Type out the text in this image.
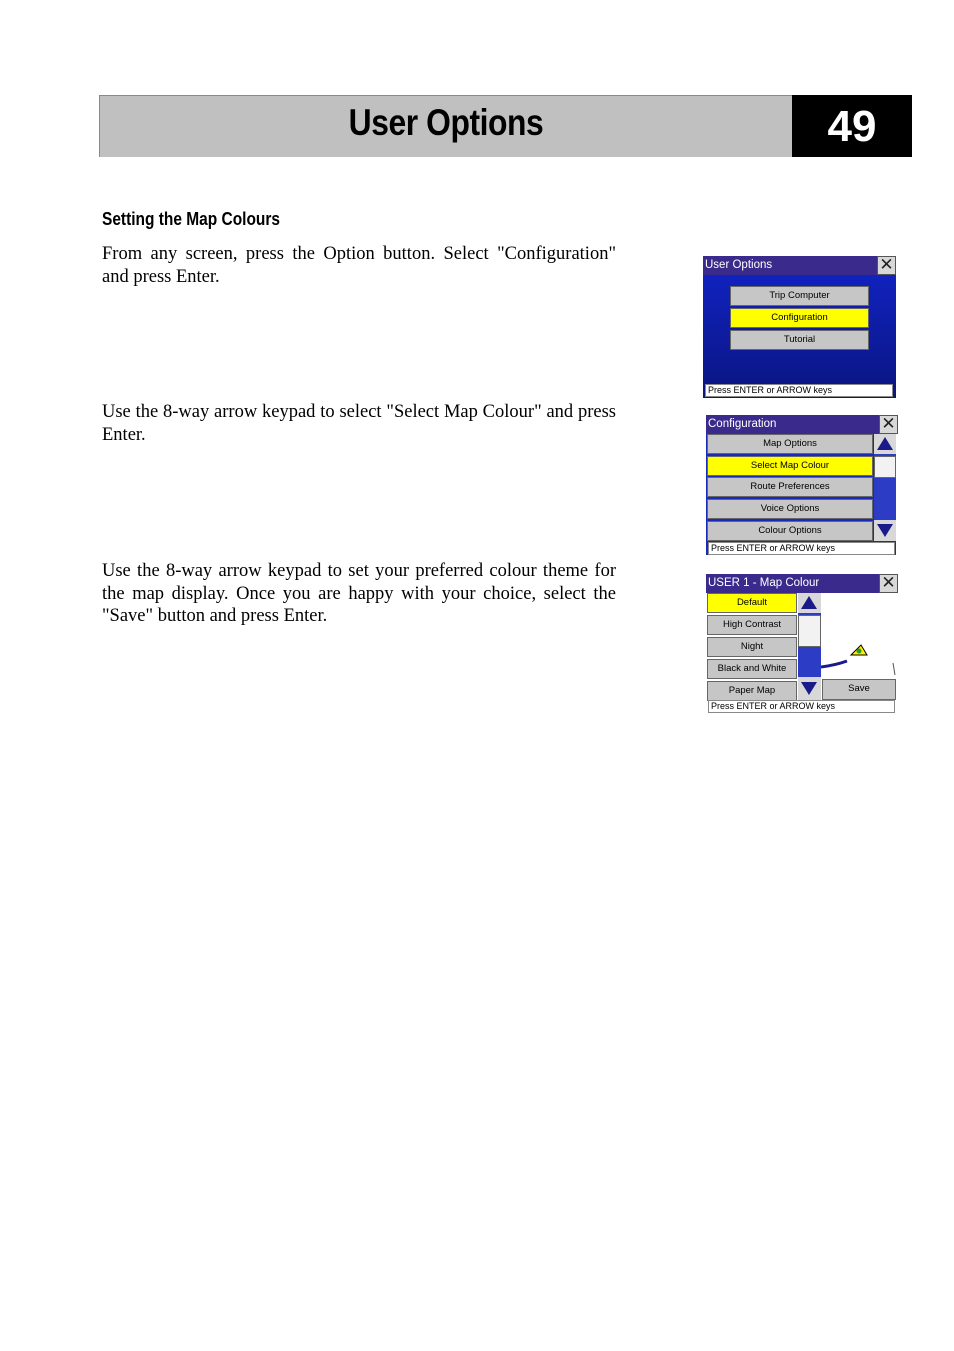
User Options	49
Setting the Map Colours
From any screen, press the Option button. Select "Configuration" and press Enter.
Use the 8-way arrow keypad to select "Select Map Colour" and press Enter.
Use the 8-way arrow keypad to set your preferred colour theme for the map display. Once you are happy with your choice, select the "Save" button and press Enter.
User Options	✕
Trip Computer
Configuration
Tutorial
Press ENTER or ARROW keys
Configuration	✕
Map Options
Select Map Colour
Route Preferences
Voice Options
Colour Options
Press ENTER or ARROW keys
USER 1 - Map Colour	✕
Default
High Contrast
Night
Black and White
Paper Map	Save
Press ENTER or ARROW keys
